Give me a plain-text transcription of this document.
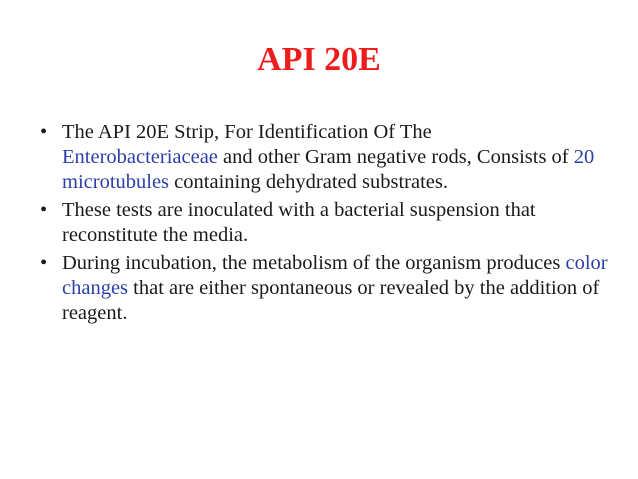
API 20E
• The API 20E Strip, For Identification Of The
Enterobacteriaceae and other Gram negative rods, Consists of 20 microtubules containing dehydrated substrates.
• These tests are inoculated with a bacterial suspension that reconstitute the media.
• During incubation, the metabolism of the organism produces color changes that are either spontaneous or revealed by the addition of reagent.
